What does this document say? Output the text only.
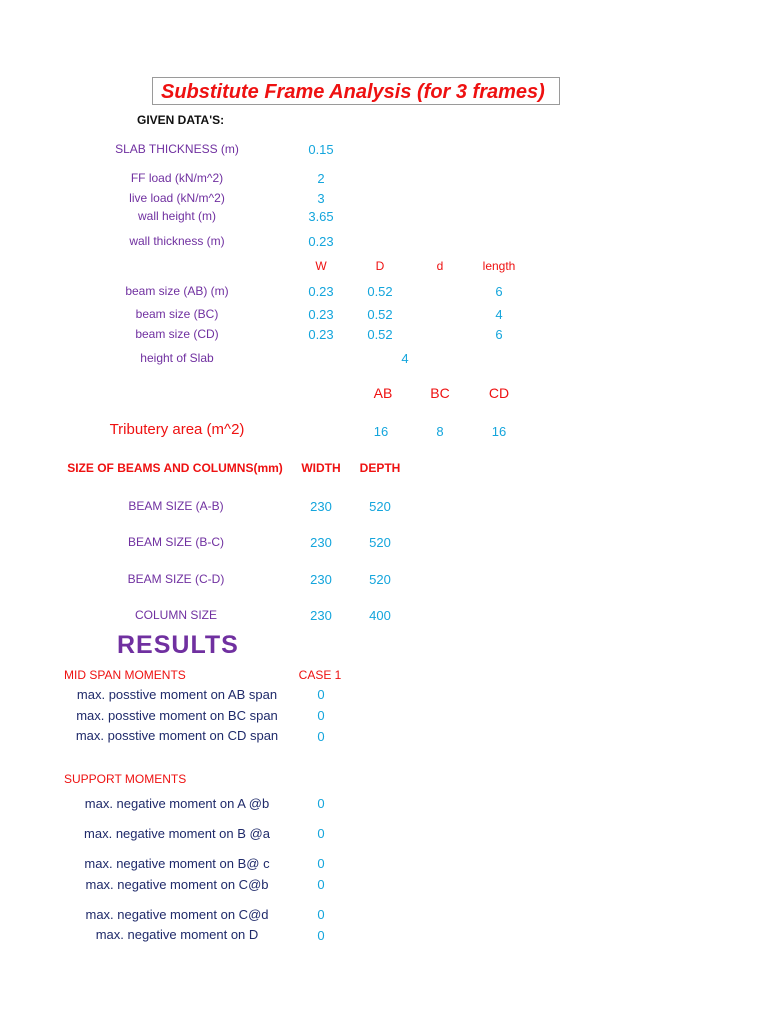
Substitute Frame Analysis (for 3 frames)
GIVEN DATA'S:
SLAB THICKNESS (m)	0.15
FF load (kN/m^2)	2
live load (kN/m^2)	3
wall height (m)	3.65
wall thickness (m)	0.23
W	D	d	length
beam size (AB) (m)	0.23	0.52	6
beam size (BC)	0.23	0.52	4
beam size (CD)	0.23	0.52	6
height of Slab	4
AB	BC	CD
Tributery area (m^2)	16	8	16
SIZE OF BEAMS AND COLUMNS(mm) WIDTH DEPTH
BEAM SIZE (A-B)	230	520
BEAM SIZE (B-C)	230	520
BEAM SIZE (C-D)	230	520
COLUMN SIZE	230	400
RESULTS
MID SPAN MOMENTS	CASE 1
max. posstive moment on AB span	0
max. posstive moment on BC span	0
max. posstive moment on CD span	0
SUPPORT MOMENTS
max. negative moment on A @b	0
max. negative moment on B @a	0
max. negative moment on B@ c	0
max. negative moment on C@b	0
max. negative moment on C@d	0
max. negative moment on D	0
